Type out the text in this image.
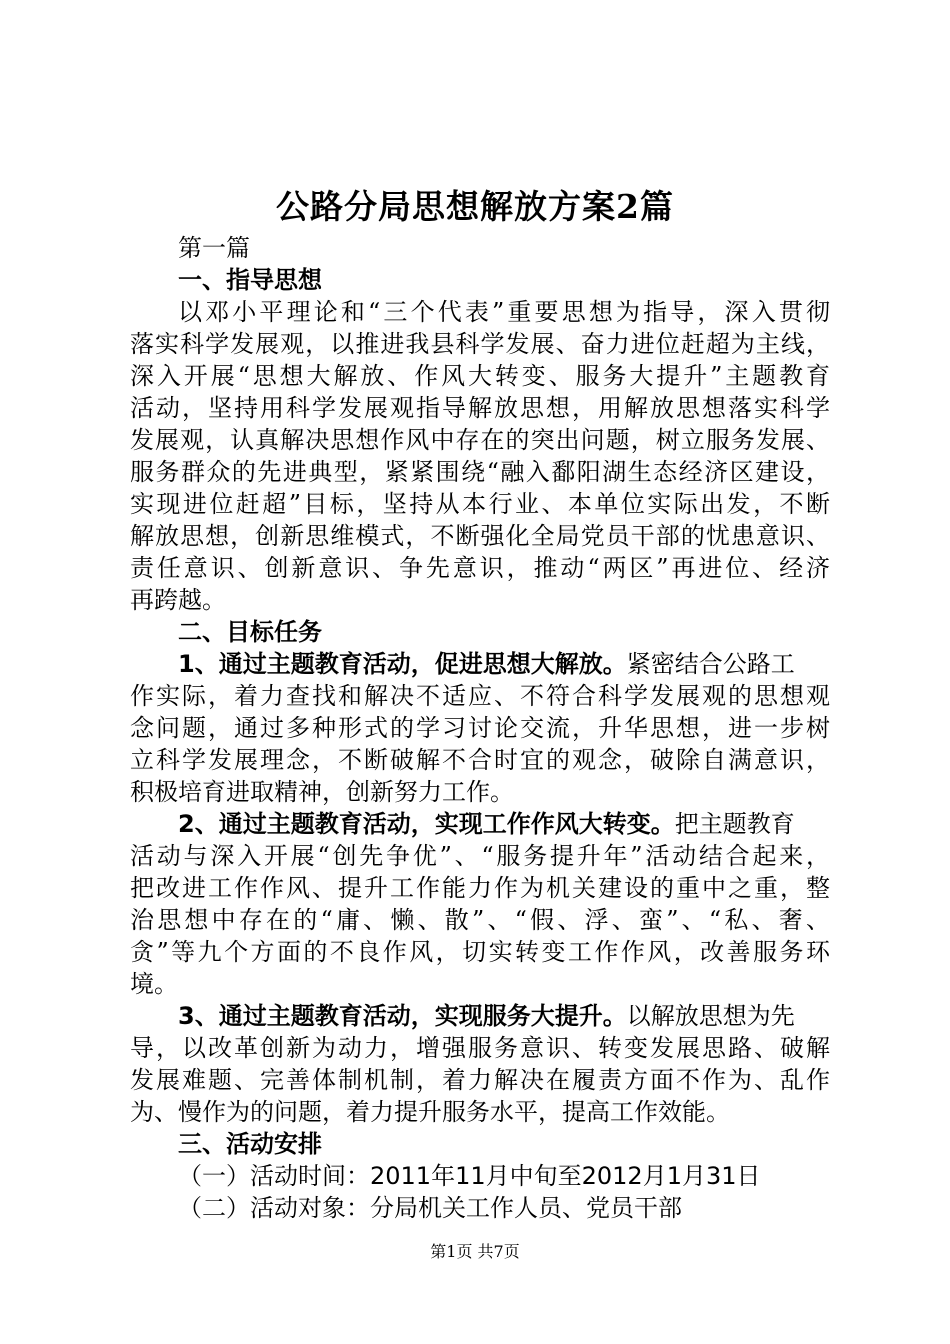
公路分局思想解放方案2篇
第一篇
一、指导思想
以邓小平理论和“三个代表”重要思想为指导，深入贯彻
落实科学发展观，以推进我县科学发展、奋力进位赶超为主线，
深入开展“思想大解放、作风大转变、服务大提升”主题教育
活动，坚持用科学发展观指导解放思想，用解放思想落实科学
发展观，认真解决思想作风中存在的突出问题，树立服务发展、
服务群众的先进典型，紧紧围绕“融入鄱阳湖生态经济区建设，
实现进位赶超”目标，坚持从本行业、本单位实际出发，不断
解放思想，创新思维模式，不断强化全局党员干部的忧患意识、
责任意识、创新意识、争先意识，推动“两区”再进位、经济
再跨越。
二、目标任务
1、通过主题教育活动，促进思想大解放。紧密结合公路工
作实际，着力查找和解决不适应、不符合科学发展观的思想观
念问题，通过多种形式的学习讨论交流，升华思想，进一步树
立科学发展理念，不断破解不合时宜的观念，破除自满意识，
积极培育进取精神，创新努力工作。
2、通过主题教育活动，实现工作作风大转变。把主题教育
活动与深入开展“创先争优”、“服务提升年”活动结合起来，
把改进工作作风、提升工作能力作为机关建设的重中之重，整
治思想中存在的“庸、懒、散”、“假、浮、蛮”、“私、奢、
贪”等九个方面的不良作风，切实转变工作作风，改善服务环
境。
3、通过主题教育活动，实现服务大提升。以解放思想为先
导，以改革创新为动力，增强服务意识、转变发展思路、破解
发展难题、完善体制机制，着力解决在履责方面不作为、乱作
为、慢作为的问题，着力提升服务水平，提高工作效能。
三、活动安排
（一）活动时间：2011年11月中旬至2012月1月31日
（二）活动对象：分局机关工作人员、党员干部
第1页 共7页
